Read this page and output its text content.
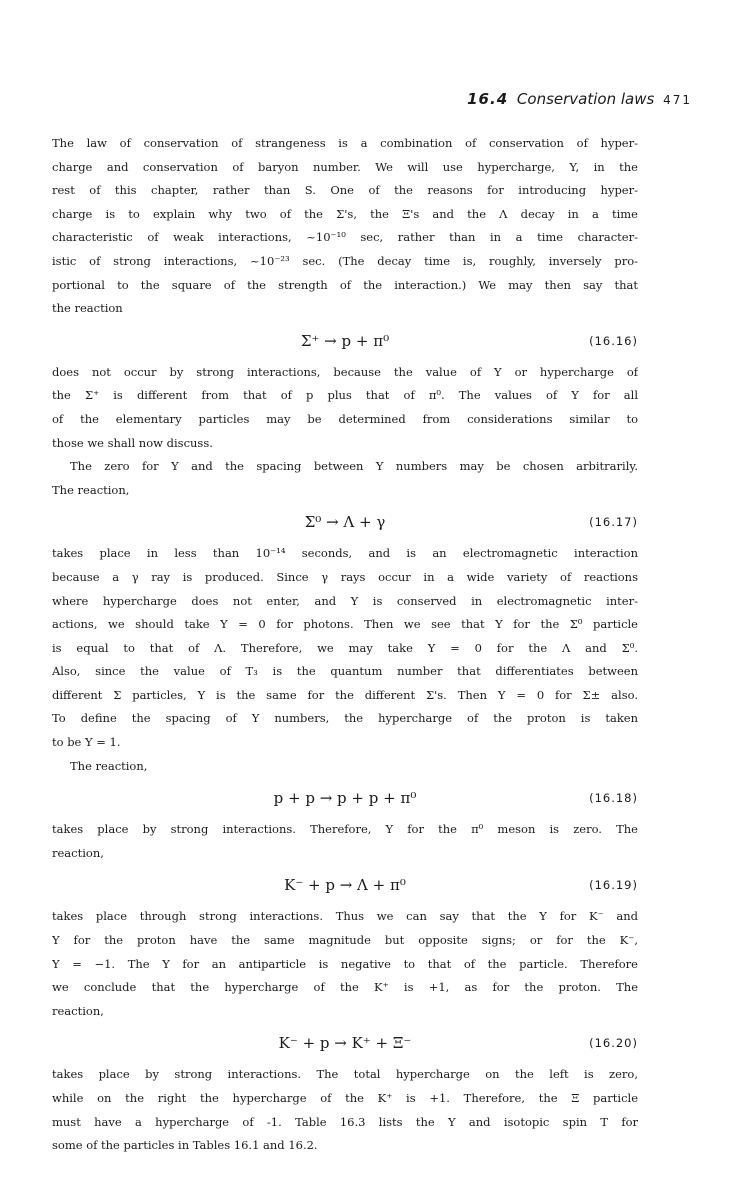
16.4 Conservation laws 471
The law of conservation of strangeness is a combination of conservation of hyper-
charge and conservation of baryon number. We will use hypercharge, Y, in the
rest of this chapter, rather than S. One of the reasons for introducing hyper-
charge is to explain why two of the Σ's, the Ξ's and the Λ decay in a time
characteristic of weak interactions, ~10⁻¹⁰ sec, rather than in a time character-
istic of strong interactions, ~10⁻²³ sec. (The decay time is, roughly, inversely pro-
portional to the square of the strength of the interaction.) We may then say that
the reaction
Σ⁺ → p + π⁰	(16.16)
does not occur by strong interactions, because the value of Y or hypercharge of
the Σ⁺ is different from that of p plus that of π⁰. The values of Y for all
of the elementary particles may be determined from considerations similar to
those we shall now discuss.
The zero for Y and the spacing between Y numbers may be chosen arbitrarily.
The reaction,
Σ⁰ → Λ + γ	(16.17)
takes place in less than 10⁻¹⁴ seconds, and is an electromagnetic interaction
because a γ ray is produced. Since γ rays occur in a wide variety of reactions
where hypercharge does not enter, and Y is conserved in electromagnetic inter-
actions, we should take Y = 0 for photons. Then we see that Y for the Σ⁰ particle
is equal to that of Λ. Therefore, we may take Y = 0 for the Λ and Σ⁰.
Also, since the value of T₃ is the quantum number that differentiates between
different Σ particles, Y is the same for the different Σ's. Then Y = 0 for Σ± also.
To define the spacing of Y numbers, the hypercharge of the proton is taken
to be Y = 1.
The reaction,
p + p → p + p + π⁰	(16.18)
takes place by strong interactions. Therefore, Y for the π⁰ meson is zero. The
reaction,
K⁻ + p → Λ + π⁰	(16.19)
takes place through strong interactions. Thus we can say that the Y for K⁻ and
Y for the proton have the same magnitude but opposite signs; or for the K⁻,
Y = −1. The Y for an antiparticle is negative to that of the particle. Therefore
we conclude that the hypercharge of the K⁺ is +1, as for the proton. The
reaction,
K⁻ + p → K⁺ + Ξ⁻	(16.20)
takes place by strong interactions. The total hypercharge on the left is zero,
while on the right the hypercharge of the K⁺ is +1. Therefore, the Ξ particle
must have a hypercharge of -1. Table 16.3 lists the Y and isotopic spin T for
some of the particles in Tables 16.1 and 16.2.
